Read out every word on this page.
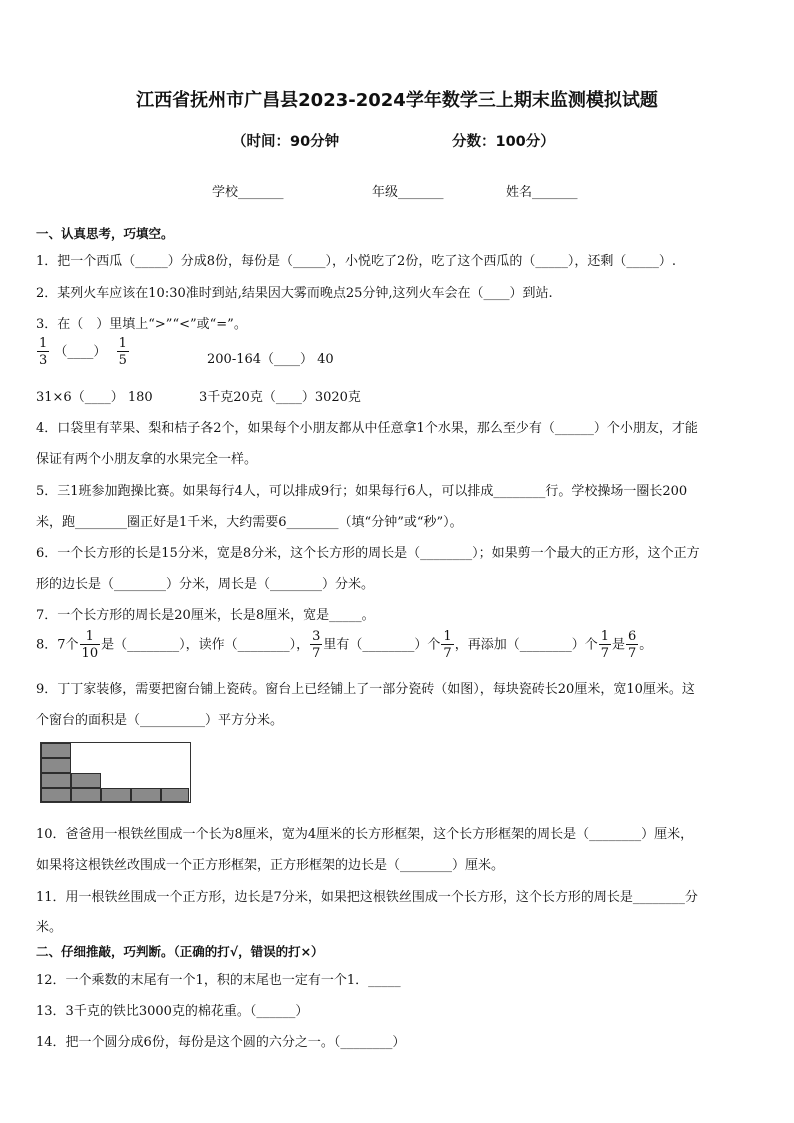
江西省抚州市广昌县2023-2024学年数学三上期末监测模拟试题
（时间：90分钟	分数：100分）
学校_______	年级_______	姓名_______
一、认真思考，巧填空。
1．把一个西瓜（_____）分成8份，每份是（_____），小悦吃了2份，吃了这个西瓜的（_____），还剩（_____）.
2．某列火车应该在10:30准时到站,结果因大雾而晚点25分钟,这列火车会在（____）到站.
3．在（　）里填上“>”“<”或“=”。
$\frac{1}{3}$ （____） $\frac{1}{5}$	200-164（____） 40
31×6（____） 180	3千克20克（____）3020克
4．口袋里有苹果、梨和桔子各2个，如果每个小朋友都从中任意拿1个水果，那么至少有（______）个小朋友，才能
保证有两个小朋友拿的水果完全一样。
5．三1班参加跑操比赛。如果每行4人，可以排成9行；如果每行6人，可以排成________行。学校操场一圈长200
米，跑________圈正好是1千米，大约需要6________（填“分钟”或“秒”）。
6．一个长方形的长是15分米，宽是8分米，这个长方形的周长是（________）；如果剪一个最大的正方形，这个正方
形的边长是（________）分米，周长是（________）分米。
7．一个长方形的周长是20厘米，长是8厘米，宽是_____。
8．7个 $\frac{1}{10}$ 是（________），读作（________）， $\frac{3}{7}$ 里有（________）个 $\frac{1}{7}$ ，再添加（________）个 $\frac{1}{7}$ 是 $\frac{6}{7}$ 。
9．丁丁家装修，需要把窗台铺上瓷砖。窗台上已经铺上了一部分瓷砖（如图），每块瓷砖长20厘米，宽10厘米。这
个窗台的面积是（__________）平方分米。
10．爸爸用一根铁丝围成一个长为8厘米，宽为4厘米的长方形框架，这个长方形框架的周长是（________）厘米，
如果将这根铁丝改围成一个正方形框架，正方形框架的边长是（________）厘米。
11．用一根铁丝围成一个正方形，边长是7分米，如果把这根铁丝围成一个长方形，这个长方形的周长是________分
米。
二、仔细推敲，巧判断。（正确的打√，错误的打×）
12．一个乘数的末尾有一个1，积的末尾也一定有一个1．_____
13．3千克的铁比3000克的棉花重。（______）
14．把一个圆分成6份，每份是这个圆的六分之一。（________）
